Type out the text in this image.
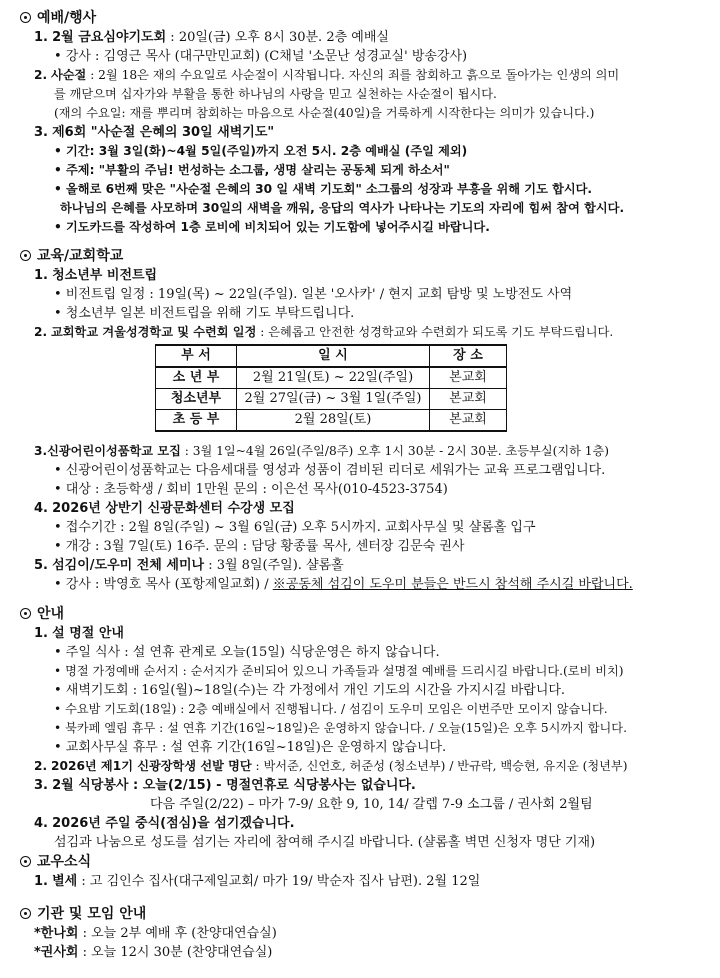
예배/행사
1. 2월 금요심야기도회 : 20일(금) 오후 8시 30분. 2층 예배실
• 강사 : 김영근 목사 (대구만민교회) (C채널 '소문난 성경교실' 방송강사)
2. 사순절 : 2월 18은 재의 수요일로 사순절이 시작됩니다. 자신의 죄를 참회하고 흙으로 돌아가는 인생의 의미
를 깨닫으며 십자가와 부활을 통한 하나님의 사랑을 믿고 실천하는 사순절이 됩시다.
(재의 수요일: 재를 뿌리며 참회하는 마음으로 사순절(40일)을 거룩하게 시작한다는 의미가 있습니다.)
3. 제6회 "사순절 은혜의 30일 새벽기도"
• 기간: 3월 3일(화)~4월 5일(주일)까지 오전 5시. 2층 예배실 (주일 제외)
• 주제: "부활의 주님! 번성하는 소그룹, 생명 살리는 공동체 되게 하소서"
• 올해로 6번째 맞은 "사순절 은혜의 30 일 새벽 기도회" 소그룹의 성장과 부흥을 위해 기도 합시다.
하나님의 은혜를 사모하며 30일의 새벽을 깨워, 응답의 역사가 나타나는 기도의 자리에 힘써 참여 합시다.
• 기도카드를 작성하여 1층 로비에 비치되어 있는 기도함에 넣어주시길 바랍니다.
교육/교회학교
1. 청소년부 비전트립
• 비전트립 일정 : 19일(목) ~ 22일(주일). 일본 '오사카' / 현지 교회 탐방 및 노방전도 사역
• 청소년부 일본 비전트립을 위해 기도 부탁드립니다.
2. 교회학교 겨울성경학교 및 수련회 일정 : 은혜롭고 안전한 성경학교와 수련회가 되도록 기도 부탁드립니다.
부 서	일 시	장 소
소 년 부	2월 21일(토) ~ 22일(주일)	본교회
청소년부	2월 27일(금) ~ 3월 1일(주일)	본교회
초 등 부	2월 28일(토)	본교회
3.신광어린이성품학교 모집 : 3월 1일~4월 26일(주일/8주) 오후 1시 30분 - 2시 30분. 초등부실(지하 1층)
• 신광어린이성품학교는 다음세대를 영성과 성품이 겸비된 리더로 세워가는 교육 프로그램입니다.
• 대상 : 초등학생 / 회비 1만원 문의 : 이은선 목사(010-4523-3754)
4. 2026년 상반기 신광문화센터 수강생 모집
• 접수기간 : 2월 8일(주일) ~ 3월 6일(금) 오후 5시까지. 교회사무실 및 샬롬홀 입구
• 개강 : 3월 7일(토) 16주. 문의 : 담당 황종률 목사, 센터장 김문숙 권사
5. 섬김이/도우미 전체 세미나 : 3월 8일(주일). 샬롬홀
• 강사 : 박영호 목사 (포항제일교회) / ※공동체 섬김이 도우미 분들은 반드시 참석해 주시길 바랍니다.
안내
1. 설 명절 안내
• 주일 식사 : 설 연휴 관계로 오늘(15일) 식당운영은 하지 않습니다.
• 명절 가정예배 순서지 : 순서지가 준비되어 있으니 가족들과 설명절 예배를 드리시길 바랍니다.(로비 비치)
• 새벽기도회 : 16일(월)~18일(수)는 각 가정에서 개인 기도의 시간을 가지시길 바랍니다.
• 수요밤 기도회(18일) : 2층 예배실에서 진행됩니다. / 섬김이 도우미 모임은 이번주만 모이지 않습니다.
• 북카페 엘림 휴무 : 설 연휴 기간(16일~18일)은 운영하지 않습니다. / 오늘(15일)은 오후 5시까지 합니다.
• 교회사무실 휴무 : 설 연휴 기간(16일~18일)은 운영하지 않습니다.
2. 2026년 제1기 신광장학생 선발 명단 : 박서준, 신언호, 허준성 (청소년부) / 반규락, 백승현, 유지운 (청년부)
3. 2월 식당봉사 : 오늘(2/15) - 명절연휴로 식당봉사는 없습니다.
다음 주일(2/22) – 마가 7-9/ 요한 9, 10, 14/ 갈렙 7-9 소그룹 / 권사회 2월팀
4. 2026년 주일 중식(점심)을 섬기겠습니다.
섬김과 나눔으로 성도를 섬기는 자리에 참여해 주시길 바랍니다. (샬롬홀 벽면 신청자 명단 기재)
교우소식
1. 별세 : 고 김인수 집사(대구제일교회/ 마가 19/ 박순자 집사 남편). 2월 12일
기관 및 모임 안내
*한나회 : 오늘 2부 예배 후 (찬양대연습실)
*권사회 : 오늘 12시 30분 (찬양대연습실)
